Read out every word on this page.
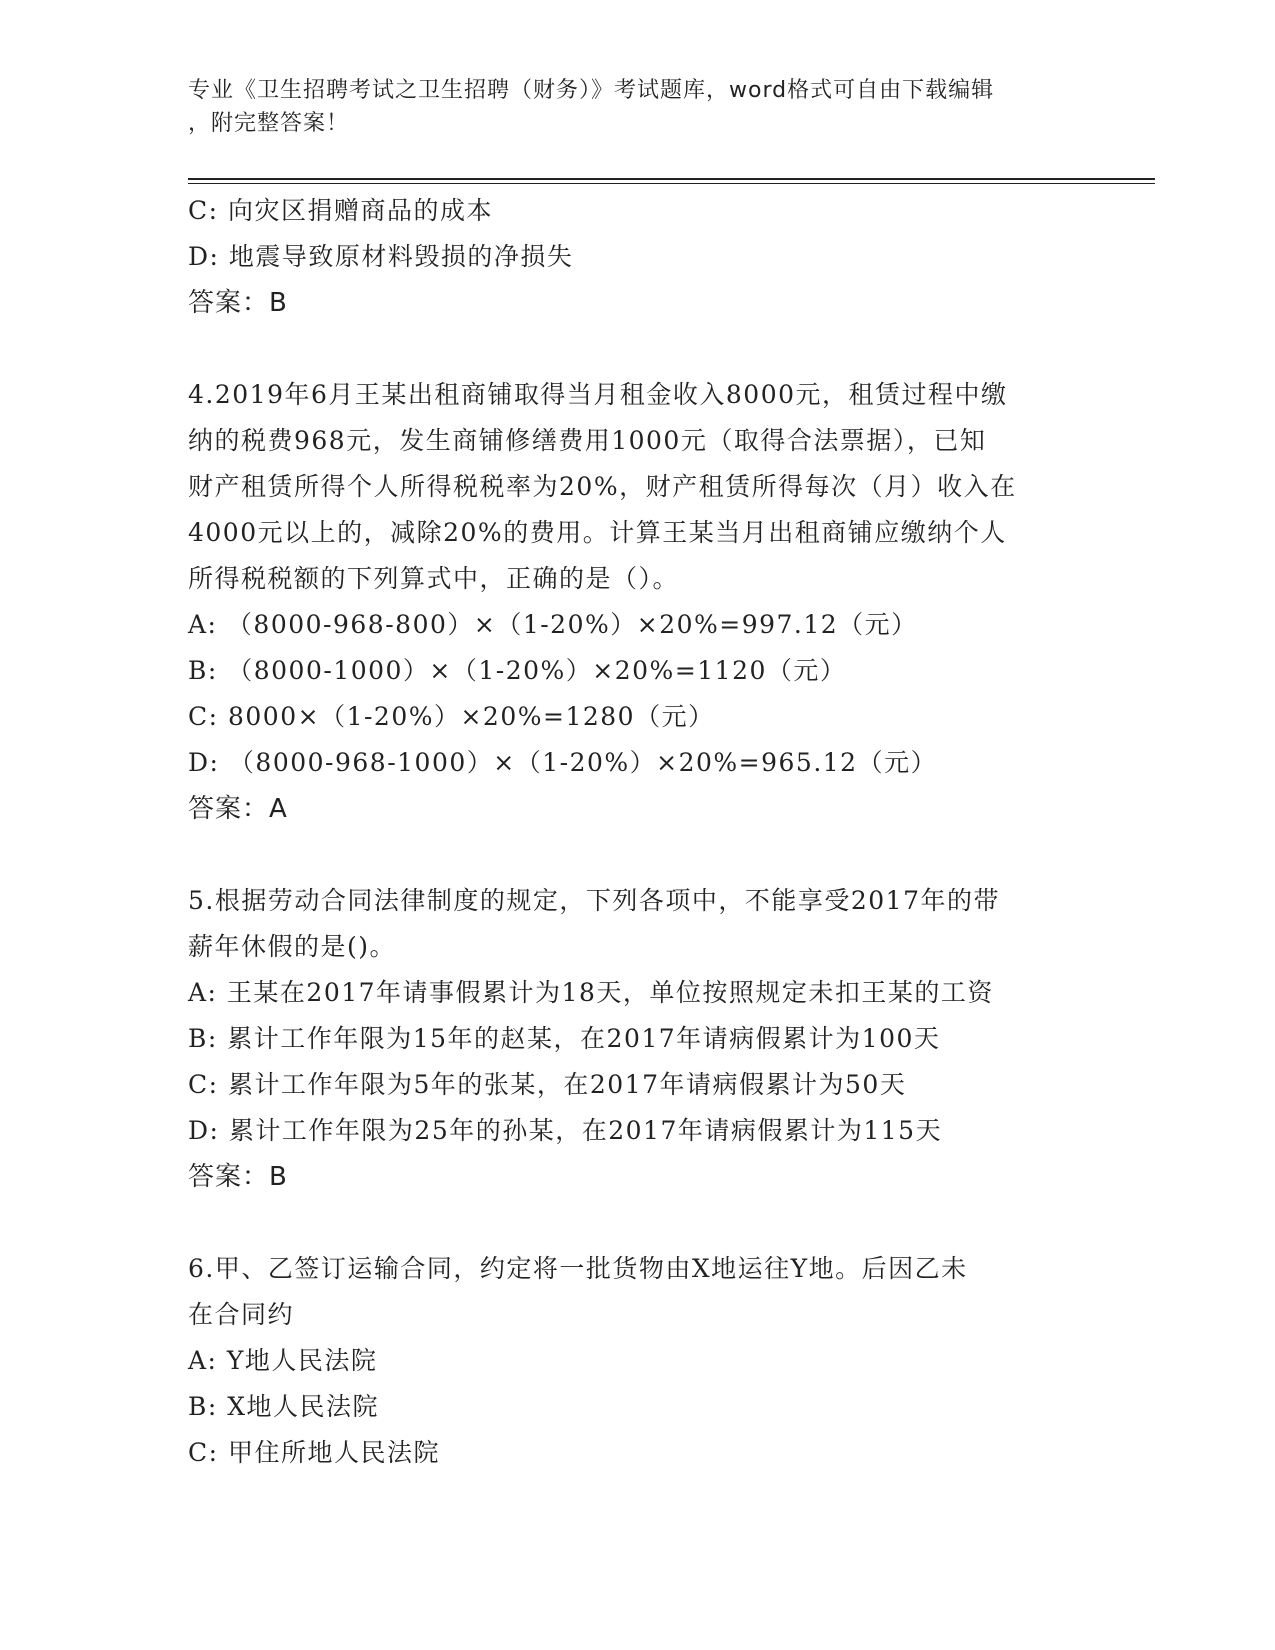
专业《卫生招聘考试之卫生招聘（财务）》考试题库，word格式可自由下载编辑
，附完整答案！
C: 向灾区捐赠商品的成本
D: 地震导致原材料毁损的净损失
答案：B
4.2019年6月王某出租商铺取得当月租金收入8000元，租赁过程中缴
纳的税费968元，发生商铺修缮费用1000元（取得合法票据），已知
财产租赁所得个人所得税税率为20%，财产租赁所得每次（月）收入在
4000元以上的，减除20%的费用。计算王某当月出租商铺应缴纳个人
所得税税额的下列算式中，正确的是（）。
A: （8000-968-800）×（1-20%）×20%=997.12（元）
B: （8000-1000）×（1-20%）×20%=1120（元）
C: 8000×（1-20%）×20%=1280（元）
D: （8000-968-1000）×（1-20%）×20%=965.12（元）
答案：A
5.根据劳动合同法律制度的规定，下列各项中，不能享受2017年的带
薪年休假的是()。
A: 王某在2017年请事假累计为18天，单位按照规定未扣王某的工资
B: 累计工作年限为15年的赵某，在2017年请病假累计为100天
C: 累计工作年限为5年的张某，在2017年请病假累计为50天
D: 累计工作年限为25年的孙某，在2017年请病假累计为115天
答案：B
6.甲、乙签订运输合同，约定将一批货物由X地运往Y地。后因乙未
在合同约
A: Y地人民法院
B: X地人民法院
C: 甲住所地人民法院
